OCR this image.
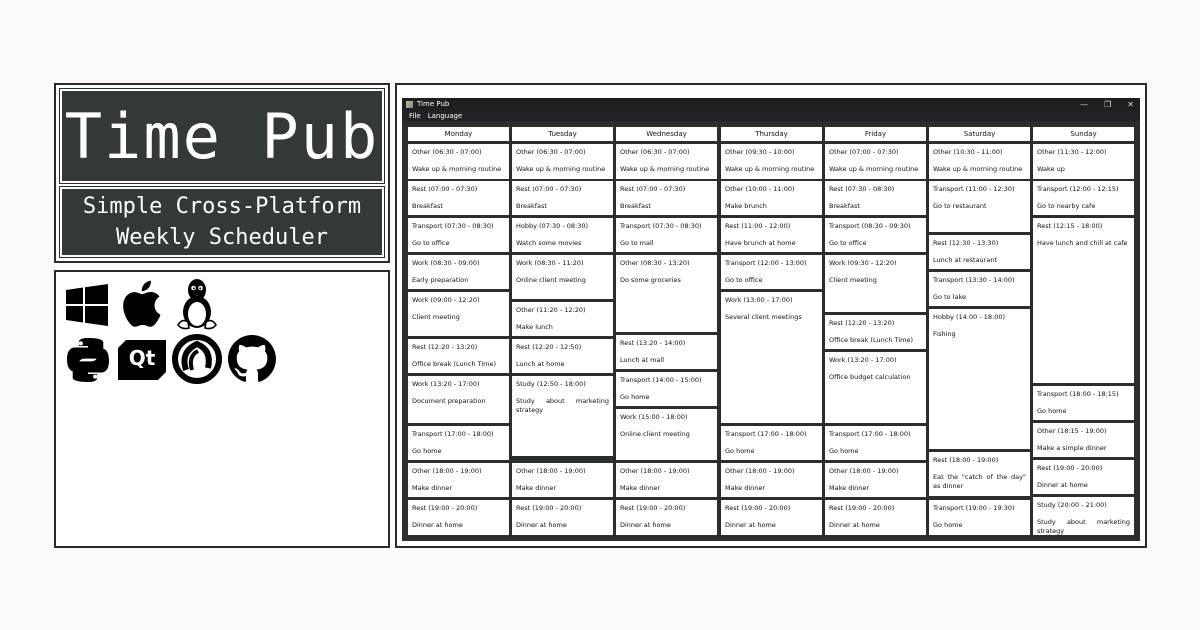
Time Pub
Simple Cross-Platform
Weekly Scheduler
Qt
Time Pub	— ❐ ✕
File Language
Monday
Other (06:30 - 07:00)
Wake up & morning routine
Rest (07:00 - 07:30)
Breakfast
Transport (07:30 - 08:30)
Go to office
Work (08:30 - 09:00)
Early preparation
Work (09:00 - 12:20)
Client meeting
Rest (12:20 - 13:20)
Office break (Lunch Time)
Work (13:20 - 17:00)
Document preparation
Transport (17:00 - 18:00)
Go home
Other (18:00 - 19:00)
Make dinner
Rest (19:00 - 20:00)
Dinner at home
Tuesday
Other (06:30 - 07:00)
Wake up & morning routine
Rest (07:00 - 07:30)
Breakfast
Hobby (07:30 - 08:30)
Watch some movies
Work (08:30 - 11:20)
Online client meeting
Other (11:20 - 12:20)
Make lunch
Rest (12:20 - 12:50)
Lunch at home
Study (12:50 - 18:00)
Study about marketing strategy
Other (18:00 - 19:00)
Make dinner
Rest (19:00 - 20:00)
Dinner at home
Wednesday
Other (06:30 - 07:00)
Wake up & morning routine
Rest (07:00 - 07:30)
Breakfast
Transport (07:30 - 08:30)
Go to mall
Other (08:30 - 13:20)
Do some groceries
Rest (13:20 - 14:00)
Lunch at mall
Transport (14:00 - 15:00)
Go home
Work (15:00 - 18:00)
Online client meeting
Other (18:00 - 19:00)
Make dinner
Rest (19:00 - 20:00)
Dinner at home
Thursday
Other (09:30 - 10:00)
Wake up & morning routine
Other (10:00 - 11:00)
Make brunch
Rest (11:00 - 12:00)
Have brunch at home
Transport (12:00 - 13:00)
Go to office
Work (13:00 - 17:00)
Several client meetings
Transport (17:00 - 18:00)
Go home
Other (18:00 - 19:00)
Make dinner
Rest (19:00 - 20:00)
Dinner at home
Friday
Other (07:00 - 07:30)
Wake up & morning routine
Rest (07:30 - 08:30)
Breakfast
Transport (08:30 - 09:30)
Go to office
Work (09:30 - 12:20)
Client meeting
Rest (12:20 - 13:20)
Office break (Lunch Time)
Work (13:20 - 17:00)
Office budget calculation
Transport (17:00 - 18:00)
Go home
Other (18:00 - 19:00)
Make dinner
Rest (19:00 - 20:00)
Dinner at home
Saturday
Other (10:30 - 11:00)
Wake up & morning routine
Transport (11:00 - 12:30)
Go to restaurant
Rest (12:30 - 13:30)
Lunch at restaurant
Transport (13:30 - 14:00)
Go to lake
Hobby (14:00 - 18:00)
Fishing
Rest (18:00 - 19:00)
Eat the "catch of the day" as dinner
Transport (19:00 - 19:30)
Go home
Sunday
Other (11:30 - 12:00)
Wake up
Transport (12:00 - 12:15)
Go to nearby cafe
Rest (12:15 - 18:00)
Have lunch and chill at cafe
Transport (18:00 - 18:15)
Go home
Other (18:15 - 19:00)
Make a simple dinner
Rest (19:00 - 20:00)
Dinner at home
Study (20:00 - 21:00)
Study about marketing strategy
